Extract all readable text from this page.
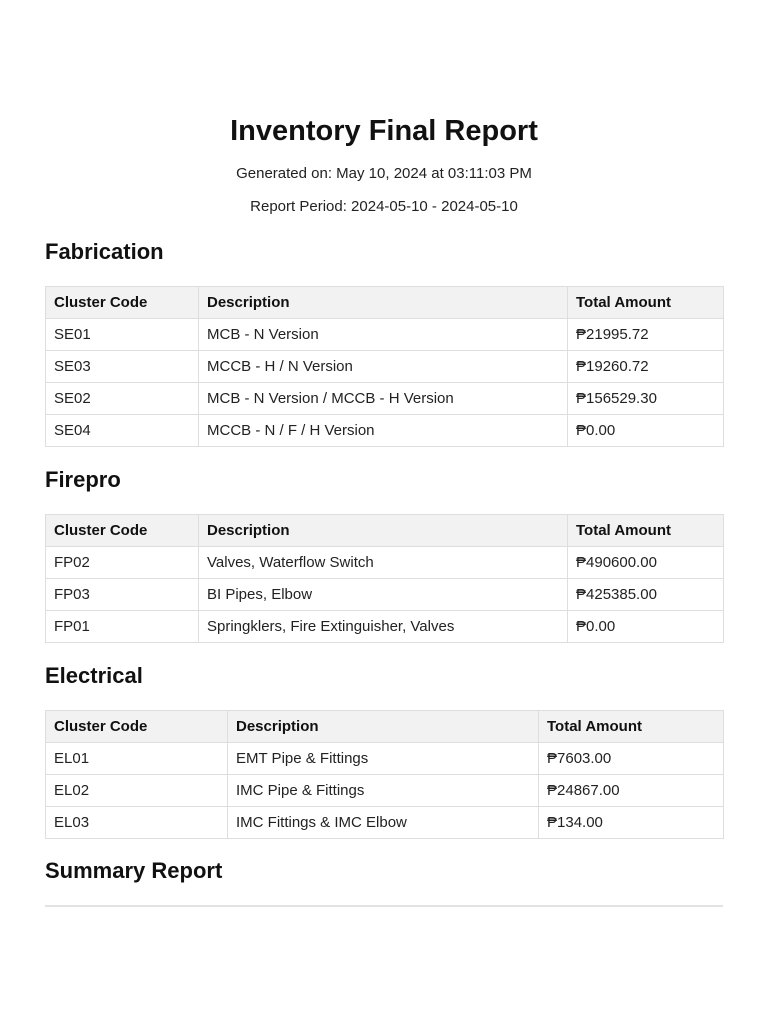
Inventory Final Report

Generated on: May 10, 2024 at 03:11:03 PM

Report Period: 2024-05-10 - 2024-05-10

Fabrication
Cluster Code	Description	Total Amount
SE01	MCB - N Version	₱21995.72
SE03	MCCB - H / N Version	₱19260.72
SE02	MCB - N Version / MCCB - H Version	₱156529.30
SE04	MCCB - N / F / H Version	₱0.00
Firepro
Cluster Code	Description	Total Amount
FP02	Valves, Waterflow Switch	₱490600.00
FP03	BI Pipes, Elbow	₱425385.00
FP01	Springklers, Fire Extinguisher, Valves	₱0.00
Electrical
Cluster Code	Description	Total Amount
EL01	EMT Pipe & Fittings	₱7603.00
EL02	IMC Pipe & Fittings	₱24867.00
EL03	IMC Fittings & IMC Elbow	₱134.00
Summary Report
